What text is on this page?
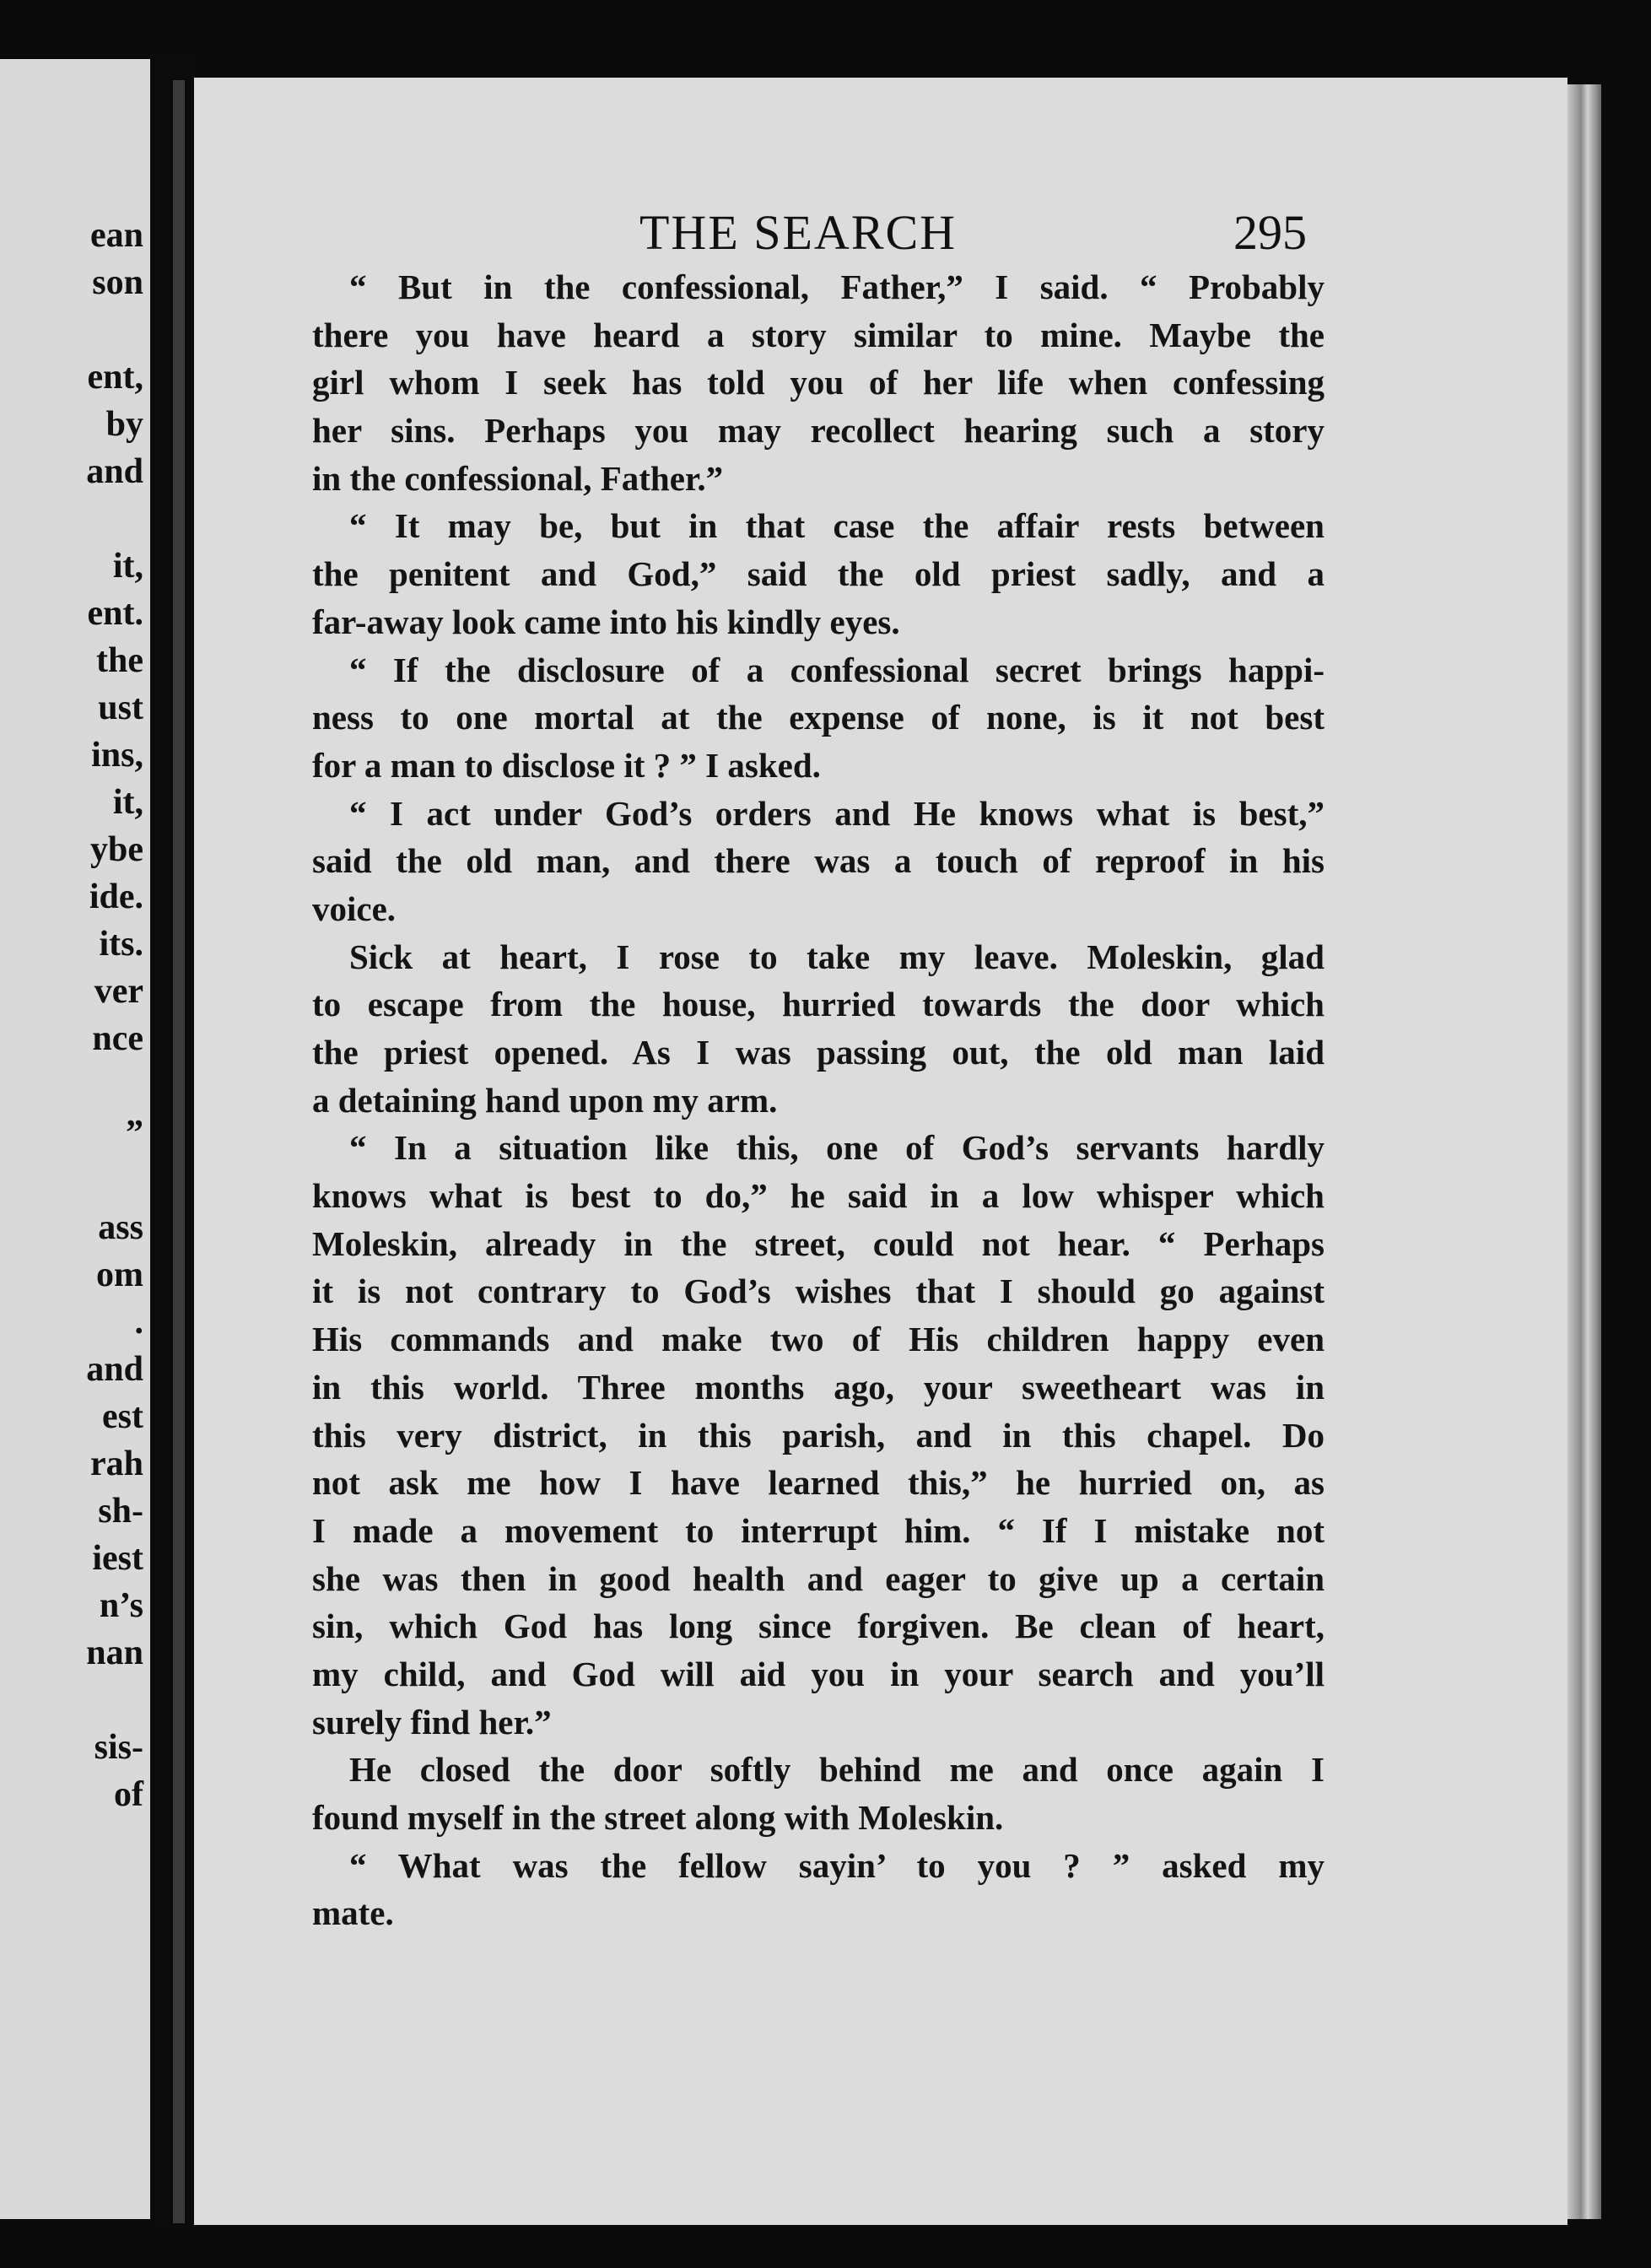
ean
son
ent,
by
and
it,
ent.
the
ust
ins,
it,
ybe
ide.
its.
ver
nce
”
ass
om
.
and
est
rah
sh-
iest
n’s
nan
sis-
of
THE SEARCH	295
“ But in the confessional, Father,” I said. “ Probably
there you have heard a story similar to mine. Maybe the
girl whom I seek has told you of her life when confessing
her sins. Perhaps you may recollect hearing such a story
in the confessional, Father.”
“ It may be, but in that case the affair rests between
the penitent and God,” said the old priest sadly, and a
far-away look came into his kindly eyes.
“ If the disclosure of a confessional secret brings happi-
ness to one mortal at the expense of none, is it not best
for a man to disclose it ? ” I asked.
“ I act under God’s orders and He knows what is best,”
said the old man, and there was a touch of reproof in his
voice.
Sick at heart, I rose to take my leave. Moleskin, glad
to escape from the house, hurried towards the door which
the priest opened. As I was passing out, the old man laid
a detaining hand upon my arm.
“ In a situation like this, one of God’s servants hardly
knows what is best to do,” he said in a low whisper which
Moleskin, already in the street, could not hear. “ Perhaps
it is not contrary to God’s wishes that I should go against
His commands and make two of His children happy even
in this world. Three months ago, your sweetheart was in
this very district, in this parish, and in this chapel. Do
not ask me how I have learned this,” he hurried on, as
I made a movement to interrupt him. “ If I mistake not
she was then in good health and eager to give up a certain
sin, which God has long since forgiven. Be clean of heart,
my child, and God will aid you in your search and you’ll
surely find her.”
He closed the door softly behind me and once again I
found myself in the street along with Moleskin.
“ What was the fellow sayin’ to you ? ” asked my
mate.
